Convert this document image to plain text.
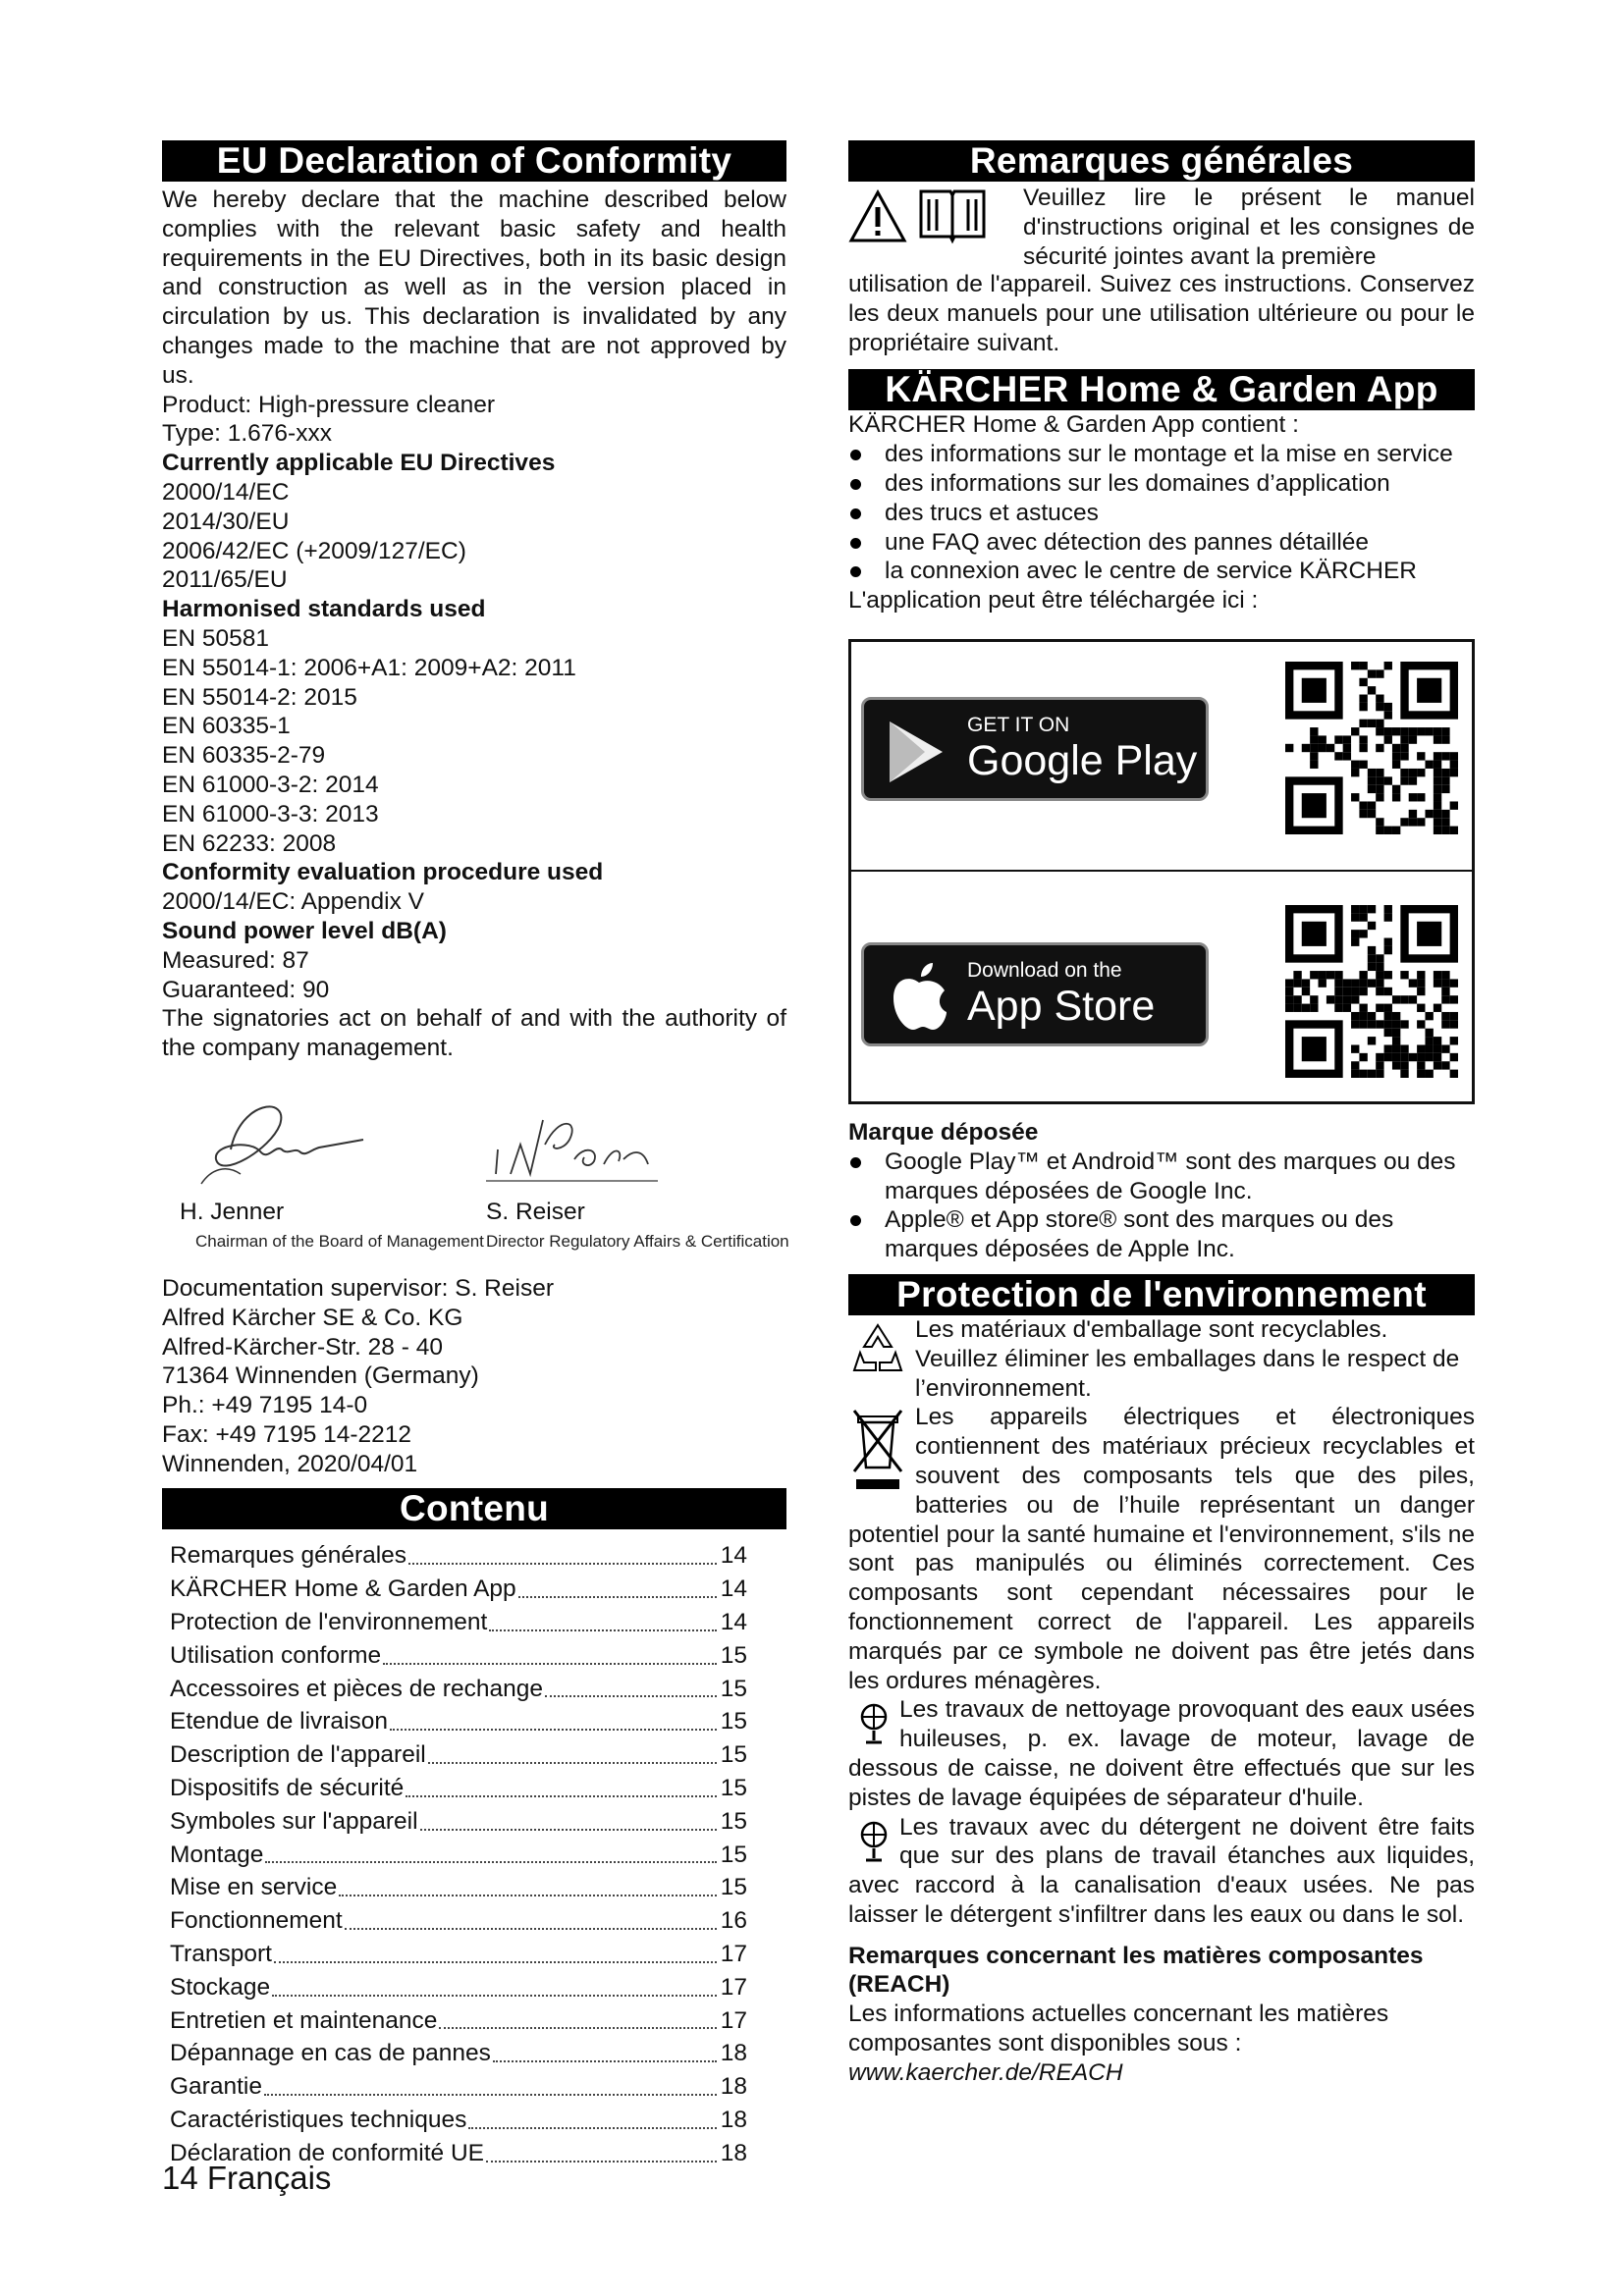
EU Declaration of Conformity

We hereby declare that the machine described below complies with the relevant basic safety and health requirements in the EU Directives, both in its basic design and construction as well as in the version placed in circulation by us. This declaration is invalidated by any changes made to the machine that are not approved by us.

Product: High-pressure cleaner

Type: 1.676-xxx

Currently applicable EU Directives

2000/14/EC

2014/30/EU

2006/42/EC (+2009/127/EC)

2011/65/EU

Harmonised standards used

EN 50581

EN 55014-1: 2006+A1: 2009+A2: 2011

EN 55014-2: 2015

EN 60335-1

EN 60335-2-79

EN 61000-3-2: 2014

EN 61000-3-3: 2013

EN 62233: 2008

Conformity evaluation procedure used

2000/14/EC: Appendix V

Sound power level dB(A)

Measured: 87

Guaranteed: 90

The signatories act on behalf of and with the authority of the company management.

H. Jenner
Chairman of the Board of Management
S. Reiser
Director Regulatory Affairs & Certification

Documentation supervisor: S. Reiser

Alfred Kärcher SE & Co. KG

Alfred-Kärcher-Str. 28 - 40

71364 Winnenden (Germany)

Ph.: +49 7195 14-0

Fax: +49 7195 14-2212

Winnenden, 2020/04/01

Contenu
Remarques générales	14
KÄRCHER Home & Garden App	14
Protection de l'environnement	14
Utilisation conforme	15
Accessoires et pièces de rechange	15
Etendue de livraison	15
Description de l'appareil	15
Dispositifs de sécurité	15
Symboles sur l'appareil	15
Montage	15
Mise en service	15
Fonctionnement	16
Transport	17
Stockage	17
Entretien et maintenance	17
Dépannage en cas de pannes	18
Garantie	18
Caractéristiques techniques	18
Déclaration de conformité UE	18
Remarques générales

Veuillez lire le présent le manuel d'instructions original et les consignes de sécurité jointes avant la première

utilisation de l'appareil. Suivez ces instructions. Conservez les deux manuels pour une utilisation ultérieure ou pour le propriétaire suivant.

KÄRCHER Home & Garden App

KÄRCHER Home & Garden App contient :

des informations sur le montage et la mise en service
des informations sur les domaines d’application
des trucs et astuces
une FAQ avec détection des pannes détaillée
la connexion avec le centre de service KÄRCHER

L'application peut être téléchargée ici :

GET IT ON
Google Play
Download on the
App Store

Marque déposée

Google Play™ et Android™ sont des marques ou des marques déposées de Google Inc.
Apple® et App store® sont des marques ou des marques déposées de Apple Inc.
Protection de l'environnement

Les matériaux d'emballage sont recyclables. Veuillez éliminer les emballages dans le respect de l’environnement.

Les appareils électriques et électroniques contiennent des matériaux précieux recyclables et souvent des composants tels que des piles, batteries ou de l’huile représentant un danger potentiel pour la santé humaine et l'environnement, s'ils ne sont pas manipulés ou éliminés correctement. Ces composants sont cependant nécessaires pour le fonctionnement correct de l'appareil. Les appareils marqués par ce symbole ne doivent pas être jetés dans les ordures ménagères.

Les travaux de nettoyage provoquant des eaux usées huileuses, p. ex. lavage de moteur, lavage de dessous de caisse, ne doivent être effectués que sur les pistes de lavage équipées de séparateur d'huile.

Les travaux avec du détergent ne doivent être faits que sur des plans de travail étanches aux liquides, avec raccord à la canalisation d'eaux usées. Ne pas laisser le détergent s'infiltrer dans les eaux ou dans le sol.

Remarques concernant les matières composantes (REACH)

Les informations actuelles concernant les matières composantes sont disponibles sous : www.kaercher.de/REACH

14 Français
